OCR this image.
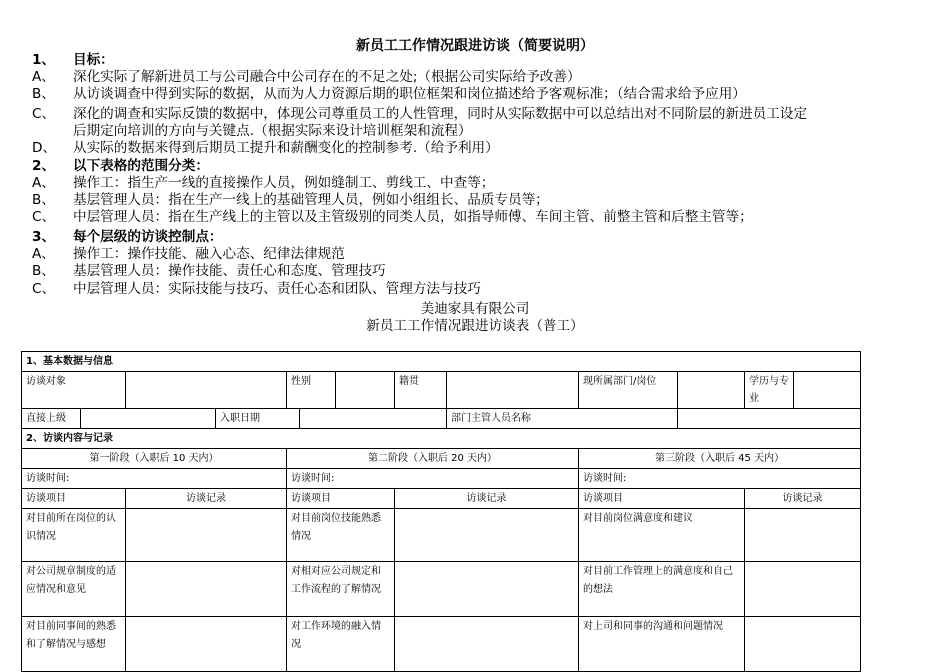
新员工工作情况跟进访谈（简要说明）
1、 目标：
A、 深化实际了解新进员工与公司融合中公司存在的不足之处;（根据公司实际给予改善）
B、 从访谈调查中得到实际的数据，从而为人力资源后期的职位框架和岗位描述给予客观标准；（结合需求给予应用）
C、 深化的调查和实际反馈的数据中，体现公司尊重员工的人性管理，同时从实际数据中可以总结出对不同阶层的新进员工设定
后期定向培训的方向与关键点.（根据实际来设计培训框架和流程）
D、 从实际的数据来得到后期员工提升和薪酬变化的控制参考.（给予利用）
2、 以下表格的范围分类：
A、 操作工：指生产一线的直接操作人员，例如缝制工、剪线工、中查等；
B、 基层管理人员：指在生产一线上的基础管理人员，例如小组组长、品质专员等；
C、 中层管理人员：指在生产线上的主管以及主管级别的同类人员，如指导师傅、车间主管、前整主管和后整主管等；
3、 每个层级的访谈控制点：
A、 操作工：操作技能、融入心态、纪律法律规范
B、 基层管理人员：操作技能、责任心和态度、管理技巧
C、 中层管理人员：实际技能与技巧、责任心态和团队、管理方法与技巧
美迪家具有限公司
新员工工作情况跟进访谈表（普工）
1、基本数据与信息												
访谈对象				性别			籍贯		现所属部门/岗位		学历与专业	
直接上级			入职日期					部门主管人员名称				
2、访谈内容与记录												
第一阶段（入职后 10 天内）				第二阶段（入职后 20 天内）					第三阶段（入职后 45 天内）			
访谈时间:				访谈时间:					访谈时间:			
访谈项目		访谈记录		访谈项目			访谈记录		访谈项目		访谈记录	
对目前所在岗位的认识情况				对目前岗位技能熟悉情况					对目前岗位满意度和建议			
对公司规章制度的适应情况和意见				对相对应公司规定和工作流程的了解情况					对目前工作管理上的满意度和自己的想法			
对目前同事间的熟悉和了解情况与感想				对工作环境的融入情况					对上司和同事的沟通和问题情况			
